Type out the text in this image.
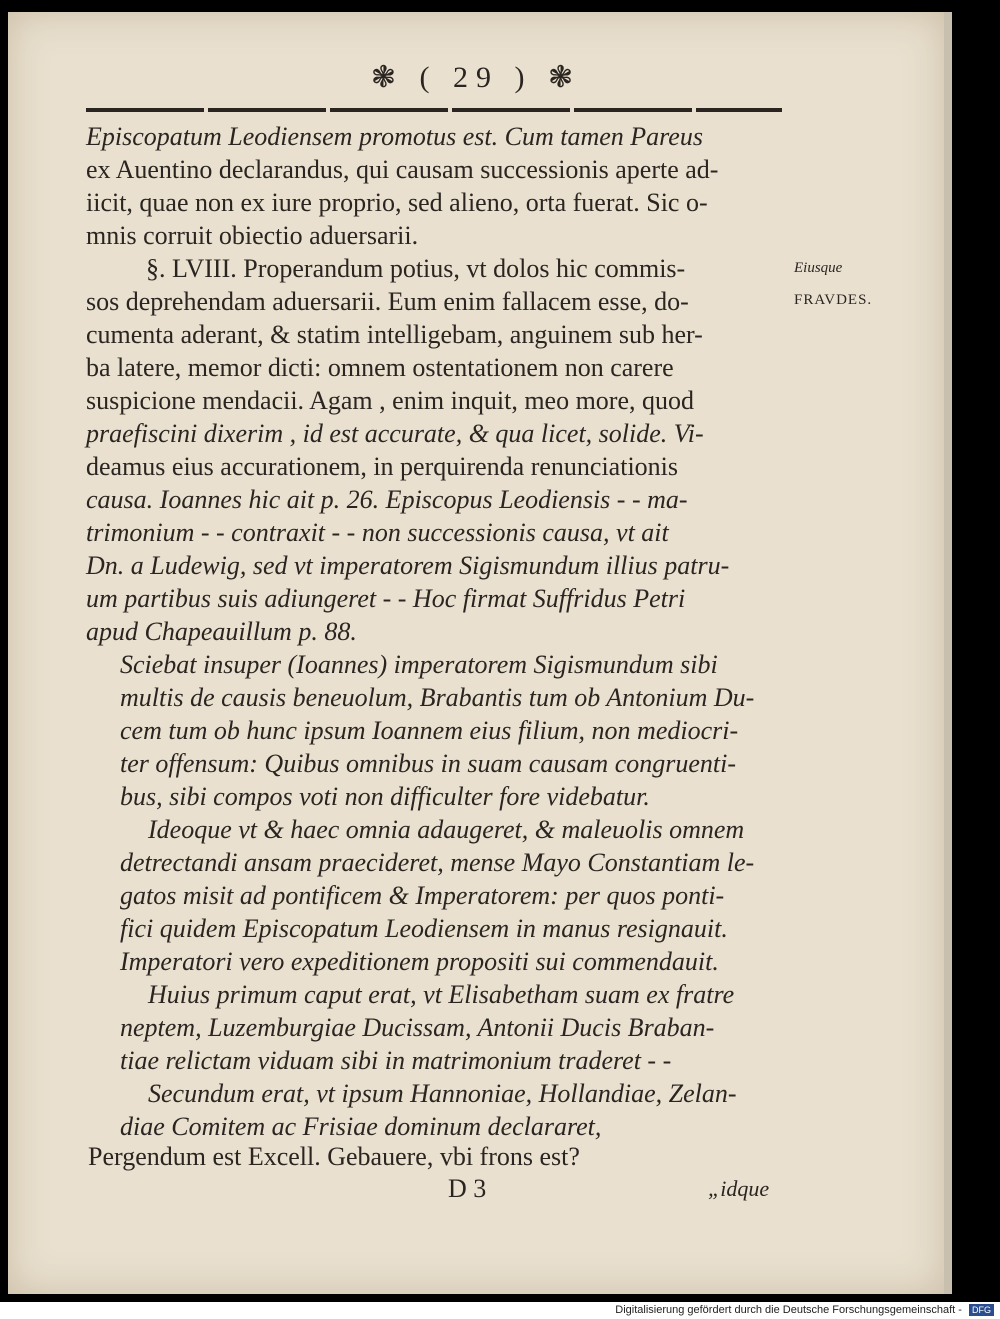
❃ ( 29 ) ❃
Episcopatum Leodiensem promotus est. Cum tamen Pareus
ex Auentino declarandus, qui causam successionis aperte ad-
iicit, quae non ex iure proprio, sed alieno, orta fuerat. Sic o-
mnis corruit obiectio aduersarii.
§. LVIII. Properandum potius, vt dolos hic commis-
sos deprehendam aduersarii. Eum enim fallacem esse, do-
cumenta aderant, & statim intelligebam, anguinem sub her-
ba latere, memor dicti: omnem ostentationem non carere
suspicione mendacii. Agam , enim inquit, meo more, quod
praefiscini dixerim , id est accurate, & qua licet, solide. Vi-
deamus eius accurationem, in perquirenda renunciationis
causa. Ioannes hic ait p. 26. Episcopus Leodiensis - - ma-
trimonium - - contraxit - - non successionis causa, vt ait
Dn. a Ludewig, sed vt imperatorem Sigismundum illius patru-
um partibus suis adiungeret - - Hoc firmat Suffridus Petri
apud Chapeauillum p. 88.
Sciebat insuper (Ioannes) imperatorem Sigismundum sibi
multis de causis beneuolum, Brabantis tum ob Antonium Du-
cem tum ob hunc ipsum Ioannem eius filium, non mediocri-
ter offensum: Quibus omnibus in suam causam congruenti-
bus, sibi compos voti non difficulter fore videbatur.
Ideoque vt & haec omnia adaugeret, & maleuolis omnem
detrectandi ansam praecideret, mense Mayo Constantiam le-
gatos misit ad pontificem & Imperatorem: per quos ponti-
fici quidem Episcopatum Leodiensem in manus resignauit.
Imperatori vero expeditionem propositi sui commendauit.
Huius primum caput erat, vt Elisabetham suam ex fratre
neptem, Luzemburgiae Ducissam, Antonii Ducis Braban-
tiae relictam viduam sibi in matrimonium traderet - -
Secundum erat, vt ipsum Hannoniae, Hollandiae, Zelan-
diae Comitem ac Frisiae dominum declararet,
Pergendum est Excell. Gebauere, vbi frons est?
Eiusque
FRAVDES.
D 3	„idque
Digitalisierung gefördert durch die Deutsche Forschungsgemeinschaft - DFG
